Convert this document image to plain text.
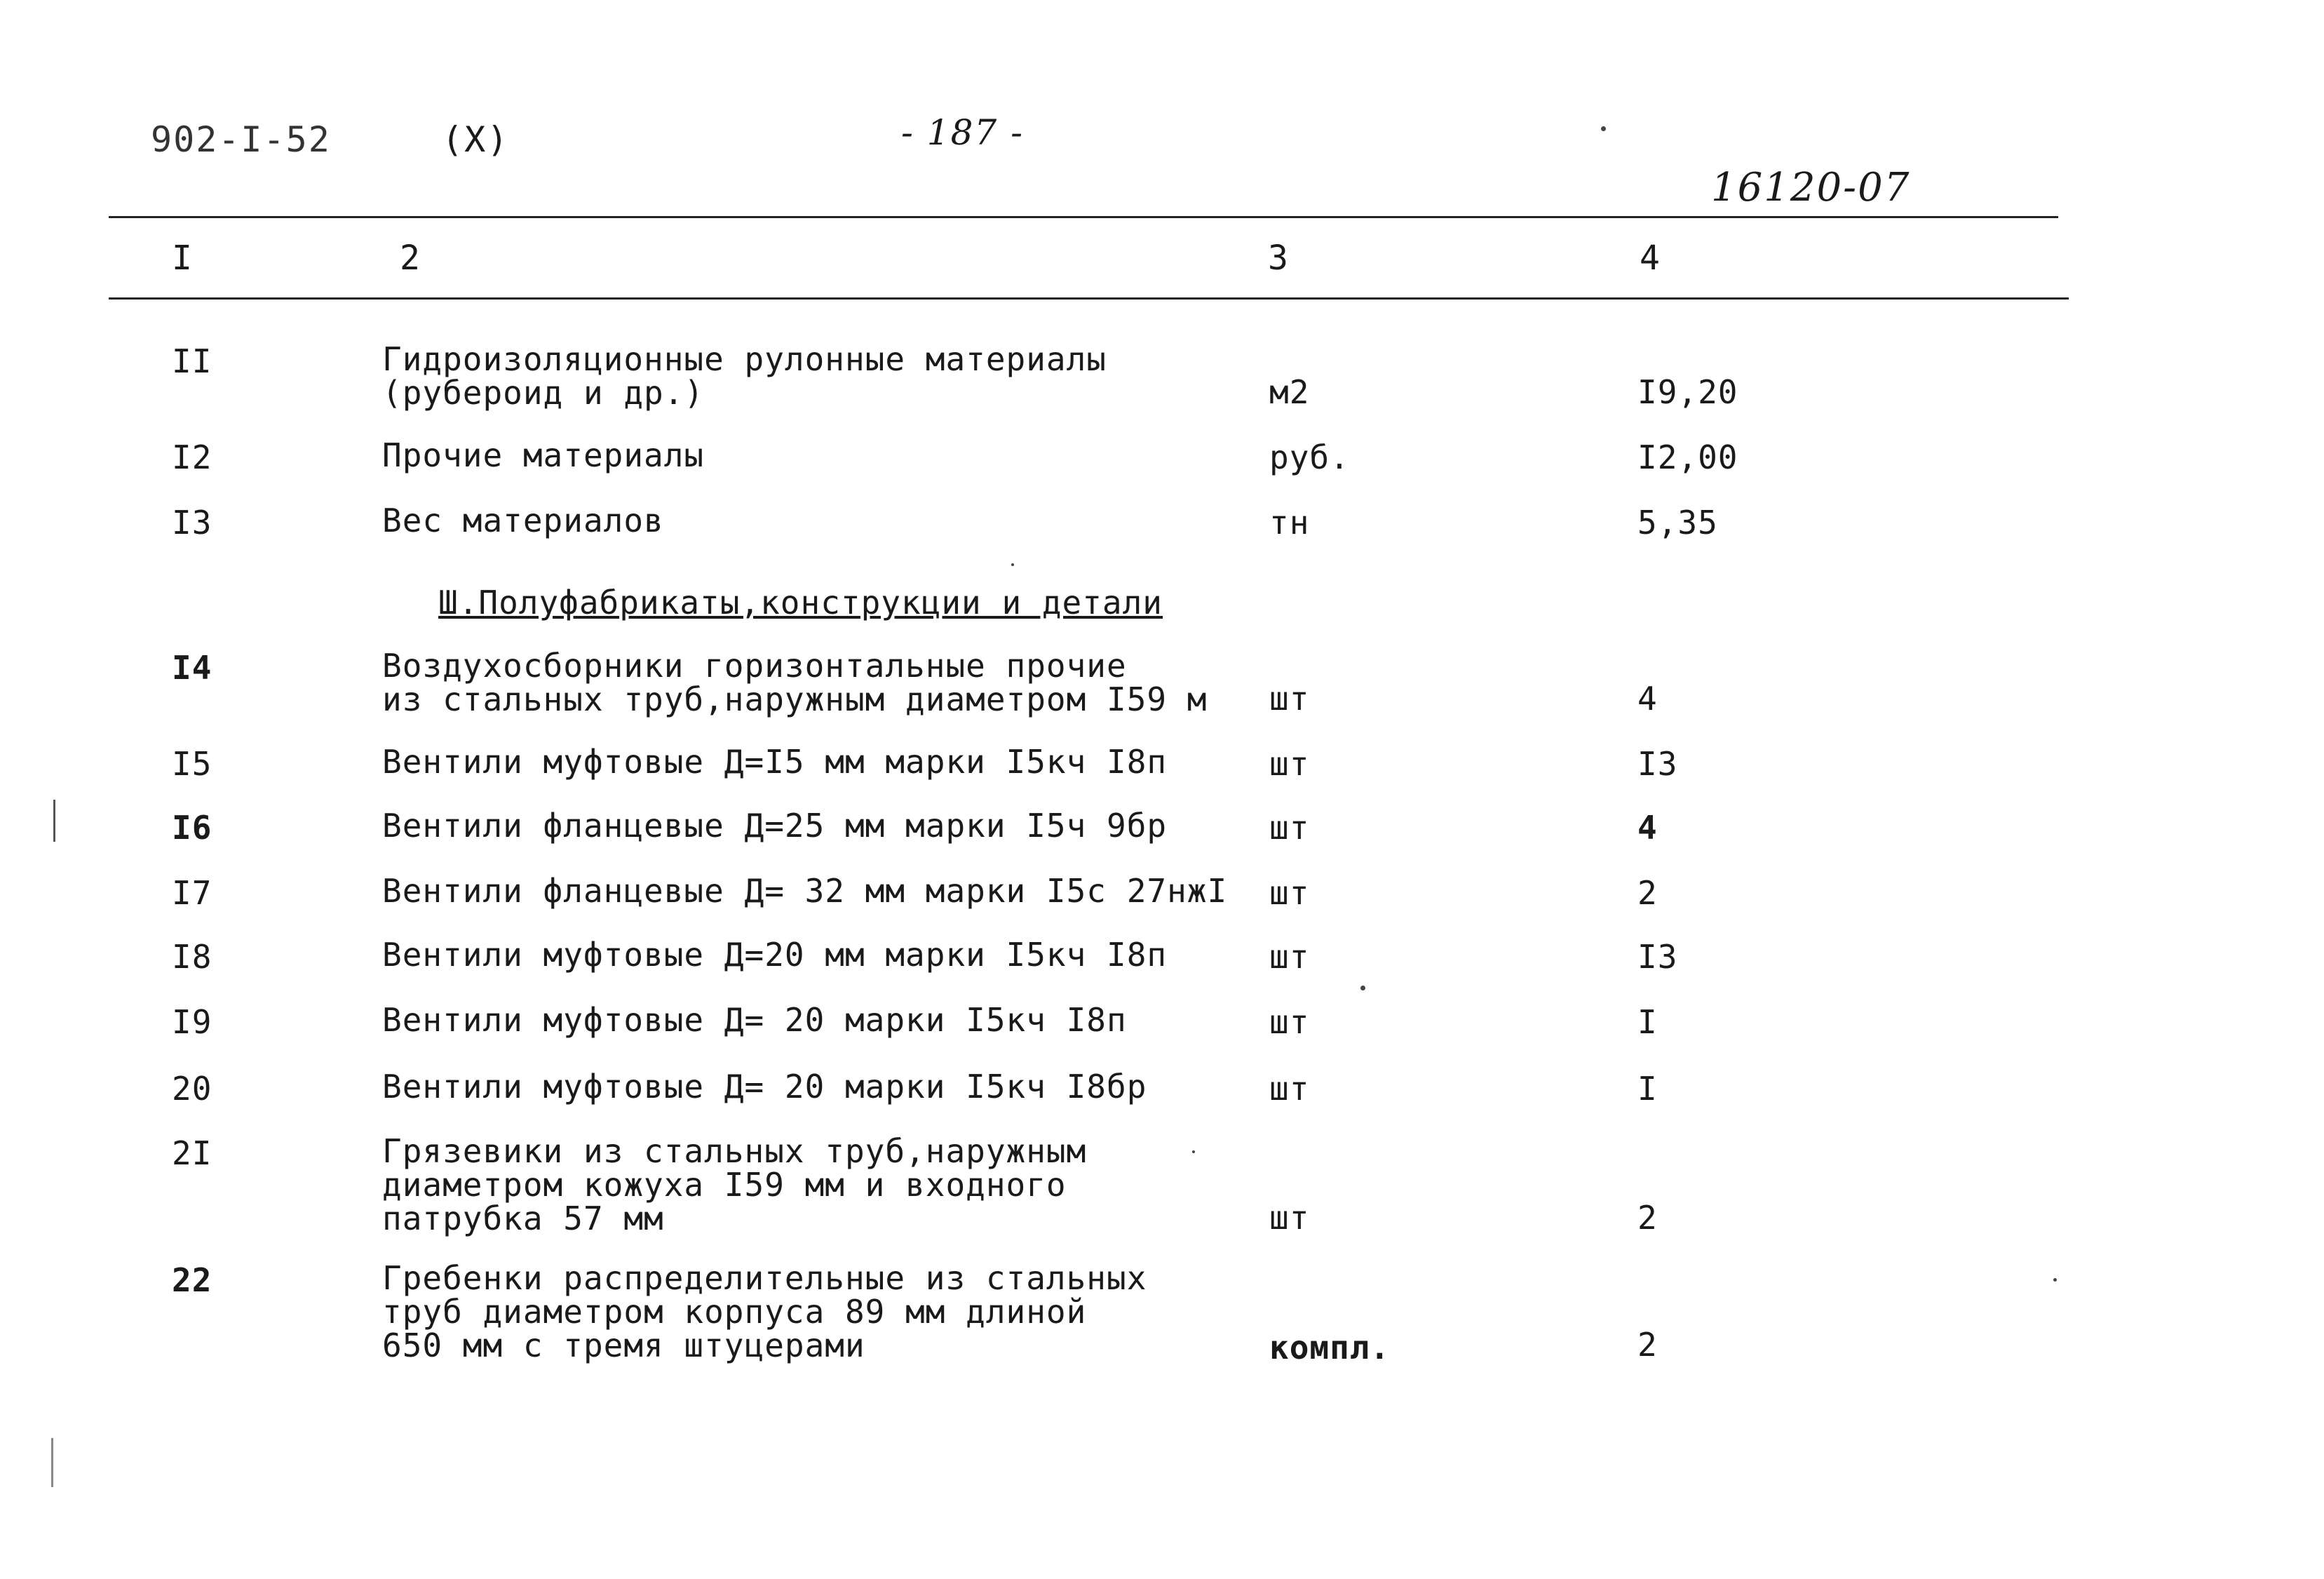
902-I-52	(X)	- 187 -
16120-07
I	2	3	4
II	Гидроизоляционные рулонные материалы
(рубероид и др.)	м2	I9,20
I2	Прочие материалы	руб.	I2,00
I3	Вес материалов	тн	5,35
Ш.Полуфабрикаты,конструкции и детали
I4	Воздухосборники горизонтальные прочие
из стальных труб,наружным диаметром I59 м	шт	4
I5	Вентили муфтовые Д=I5 мм марки I5кч I8п	шт	I3
I6	Вентили фланцевые Д=25 мм марки I5ч 9бр	шт	4
I7	Вентили фланцевые Д= 32 мм марки I5с 27нжI	шт	2
I8	Вентили муфтовые Д=20 мм марки I5кч I8п	шт	I3
I9	Вентили муфтовые Д= 20 марки I5кч I8п	шт	I
20	Вентили муфтовые Д= 20 марки I5кч I8бр	шт	I
2I	Грязевики из стальных труб,наружным
диаметром кожуха I59 мм и входного
патрубка 57 мм	шт	2
22	Гребенки распределительные из стальных
труб диаметром корпуса 89 мм длиной
650 мм с тремя штуцерами	компл.	2
